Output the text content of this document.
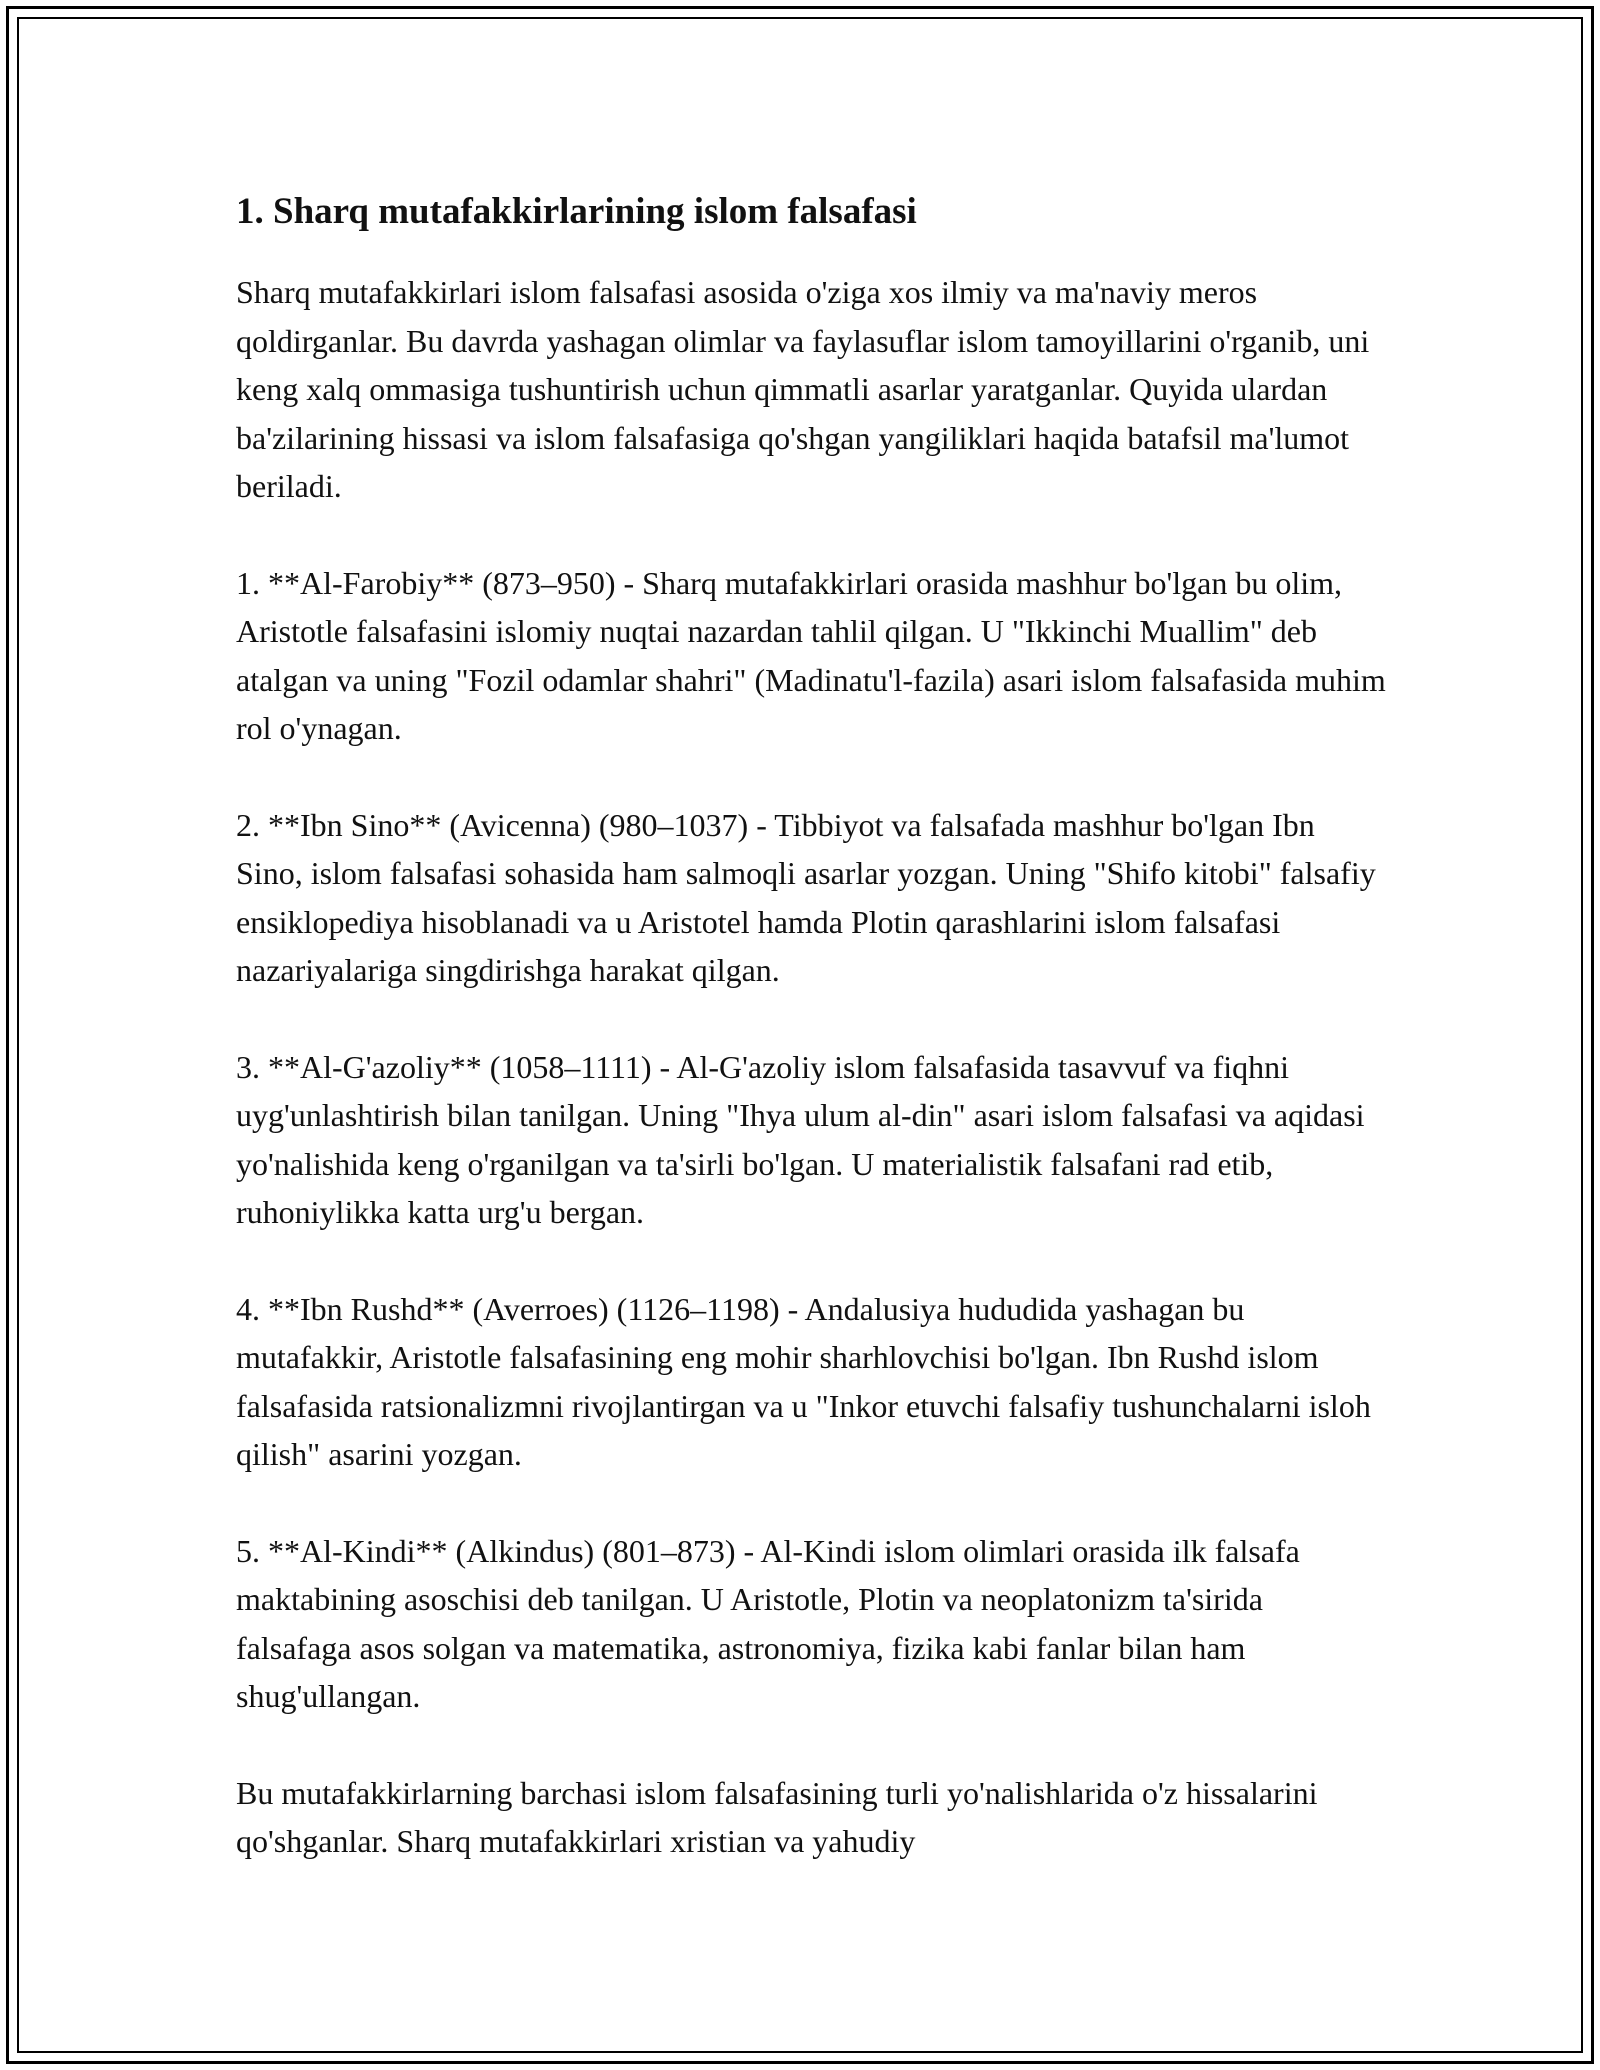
1. Sharq mutafakkirlarining islom falsafasi

Sharq mutafakkirlari islom falsafasi asosida o'ziga xos ilmiy va ma'naviy meros qoldirganlar. Bu davrda yashagan olimlar va faylasuflar islom tamoyillarini o'rganib, uni keng xalq ommasiga tushuntirish uchun qimmatli asarlar yaratganlar. Quyida ulardan ba'zilarining hissasi va islom falsafasiga qo'shgan yangiliklari haqida batafsil ma'lumot beriladi.

1. **Al-Farobiy** (873–950) - Sharq mutafakkirlari orasida mashhur bo'lgan bu olim, Aristotle falsafasini islomiy nuqtai nazardan tahlil qilgan. U "Ikkinchi Muallim" deb atalgan va uning "Fozil odamlar shahri" (Madinatu'l-fazila) asari islom falsafasida muhim rol o'ynagan.

2. **Ibn Sino** (Avicenna) (980–1037) - Tibbiyot va falsafada mashhur bo'lgan Ibn Sino, islom falsafasi sohasida ham salmoqli asarlar yozgan. Uning "Shifo kitobi" falsafiy ensiklopediya hisoblanadi va u Aristotel hamda Plotin qarashlarini islom falsafasi nazariyalariga singdirishga harakat qilgan.

3. **Al-G'azoliy** (1058–1111) - Al-G'azoliy islom falsafasida tasavvuf va fiqhni uyg'unlashtirish bilan tanilgan. Uning "Ihya ulum al-din" asari islom falsafasi va aqidasi yo'nalishida keng o'rganilgan va ta'sirli bo'lgan. U materialistik falsafani rad etib, ruhoniylikka katta urg'u bergan.

4. **Ibn Rushd** (Averroes) (1126–1198) - Andalusiya hududida yashagan bu mutafakkir, Aristotle falsafasining eng mohir sharhlovchisi bo'lgan. Ibn Rushd islom falsafasida ratsionalizmni rivojlantirgan va u "Inkor etuvchi falsafiy tushunchalarni isloh qilish" asarini yozgan.

5. **Al-Kindi** (Alkindus) (801–873) - Al-Kindi islom olimlari orasida ilk falsafa maktabining asoschisi deb tanilgan. U Aristotle, Plotin va neoplatonizm ta'sirida falsafaga asos solgan va matematika, astronomiya, fizika kabi fanlar bilan ham shug'ullangan.

Bu mutafakkirlarning barchasi islom falsafasining turli yo'nalishlarida o'z hissalarini qo'shganlar. Sharq mutafakkirlari xristian va yahudiy
